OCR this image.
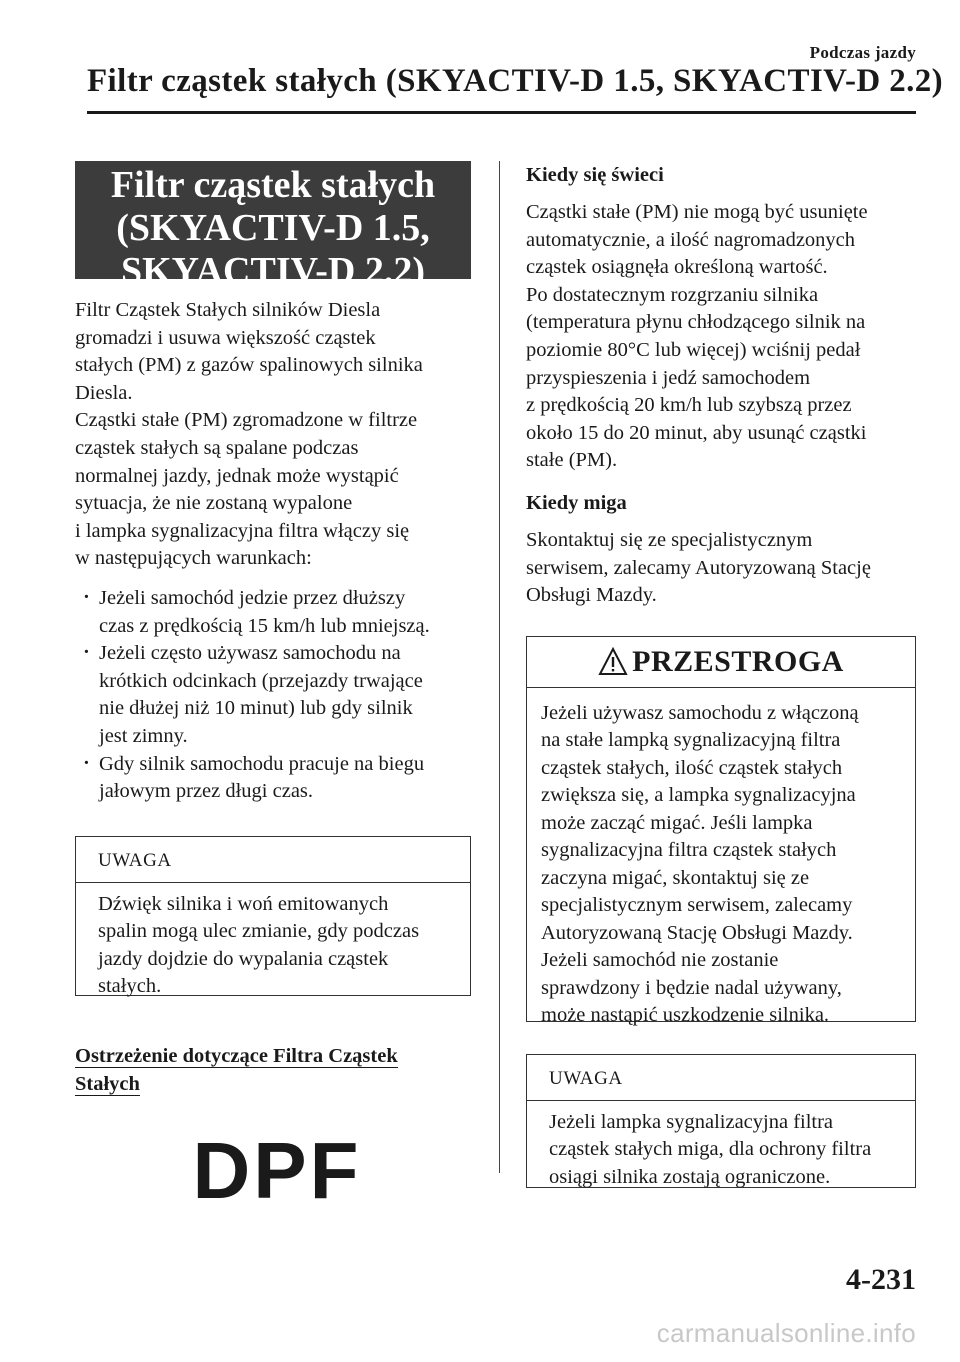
Podczas jazdy
Filtr cząstek stałych (SKYACTIV-D 1.5, SKYACTIV-D 2.2)
Filtr cząstek stałych
(SKYACTIV-D 1.5,
SKYACTIV-D 2.2)

Filtr Cząstek Stałych silników Diesla

gromadzi i usuwa większość cząstek

stałych (PM) z gazów spalinowych silnika

Diesla.

Cząstki stałe (PM) zgromadzone w filtrze

cząstek stałych są spalane podczas

normalnej jazdy, jednak może wystąpić

sytuacja, że nie zostaną wypalone

i lampka sygnalizacyjna filtra włączy się

w następujących warunkach:

· Jeżeli samochód jedzie przez dłuższy
czas z prędkością 15 km/h lub mniejszą.
· Jeżeli często używasz samochodu na
krótkich odcinkach (przejazdy trwające
nie dłużej niż 10 minut) lub gdy silnik
jest zimny.
· Gdy silnik samochodu pracuje na biegu
jałowym przez długi czas.
UWAGA
Dźwięk silnika i woń emitowanych
spalin mogą ulec zmianie, gdy podczas
jazdy dojdzie do wypalania cząstek
stałych.

Ostrzeżenie dotyczące Filtra Cząstek

Stałych

DPF

Kiedy się świeci

Cząstki stałe (PM) nie mogą być usunięte

automatycznie, a ilość nagromadzonych

cząstek osiągnęła określoną wartość.

Po dostatecznym rozgrzaniu silnika

(temperatura płynu chłodzącego silnik na

poziomie 80°C lub więcej) wciśnij pedał

przyspieszenia i jedź samochodem

z prędkością 20 km/h lub szybszą przez

około 15 do 20 minut, aby usunąć cząstki

stałe (PM).

Kiedy miga

Skontaktuj się ze specjalistycznym

serwisem, zalecamy Autoryzowaną Stację

Obsługi Mazdy.

PRZESTROGA
Jeżeli używasz samochodu z włączoną
na stałe lampką sygnalizacyjną filtra
cząstek stałych, ilość cząstek stałych
zwiększa się, a lampka sygnalizacyjna
może zacząć migać. Jeśli lampka
sygnalizacyjna filtra cząstek stałych
zaczyna migać, skontaktuj się ze
specjalistycznym serwisem, zalecamy
Autoryzowaną Stację Obsługi Mazdy.
Jeżeli samochód nie zostanie
sprawdzony i będzie nadal używany,
może nastąpić uszkodzenie silnika.
UWAGA
Jeżeli lampka sygnalizacyjna filtra
cząstek stałych miga, dla ochrony filtra
osiągi silnika zostają ograniczone.
4-231
carmanualsonline.info
